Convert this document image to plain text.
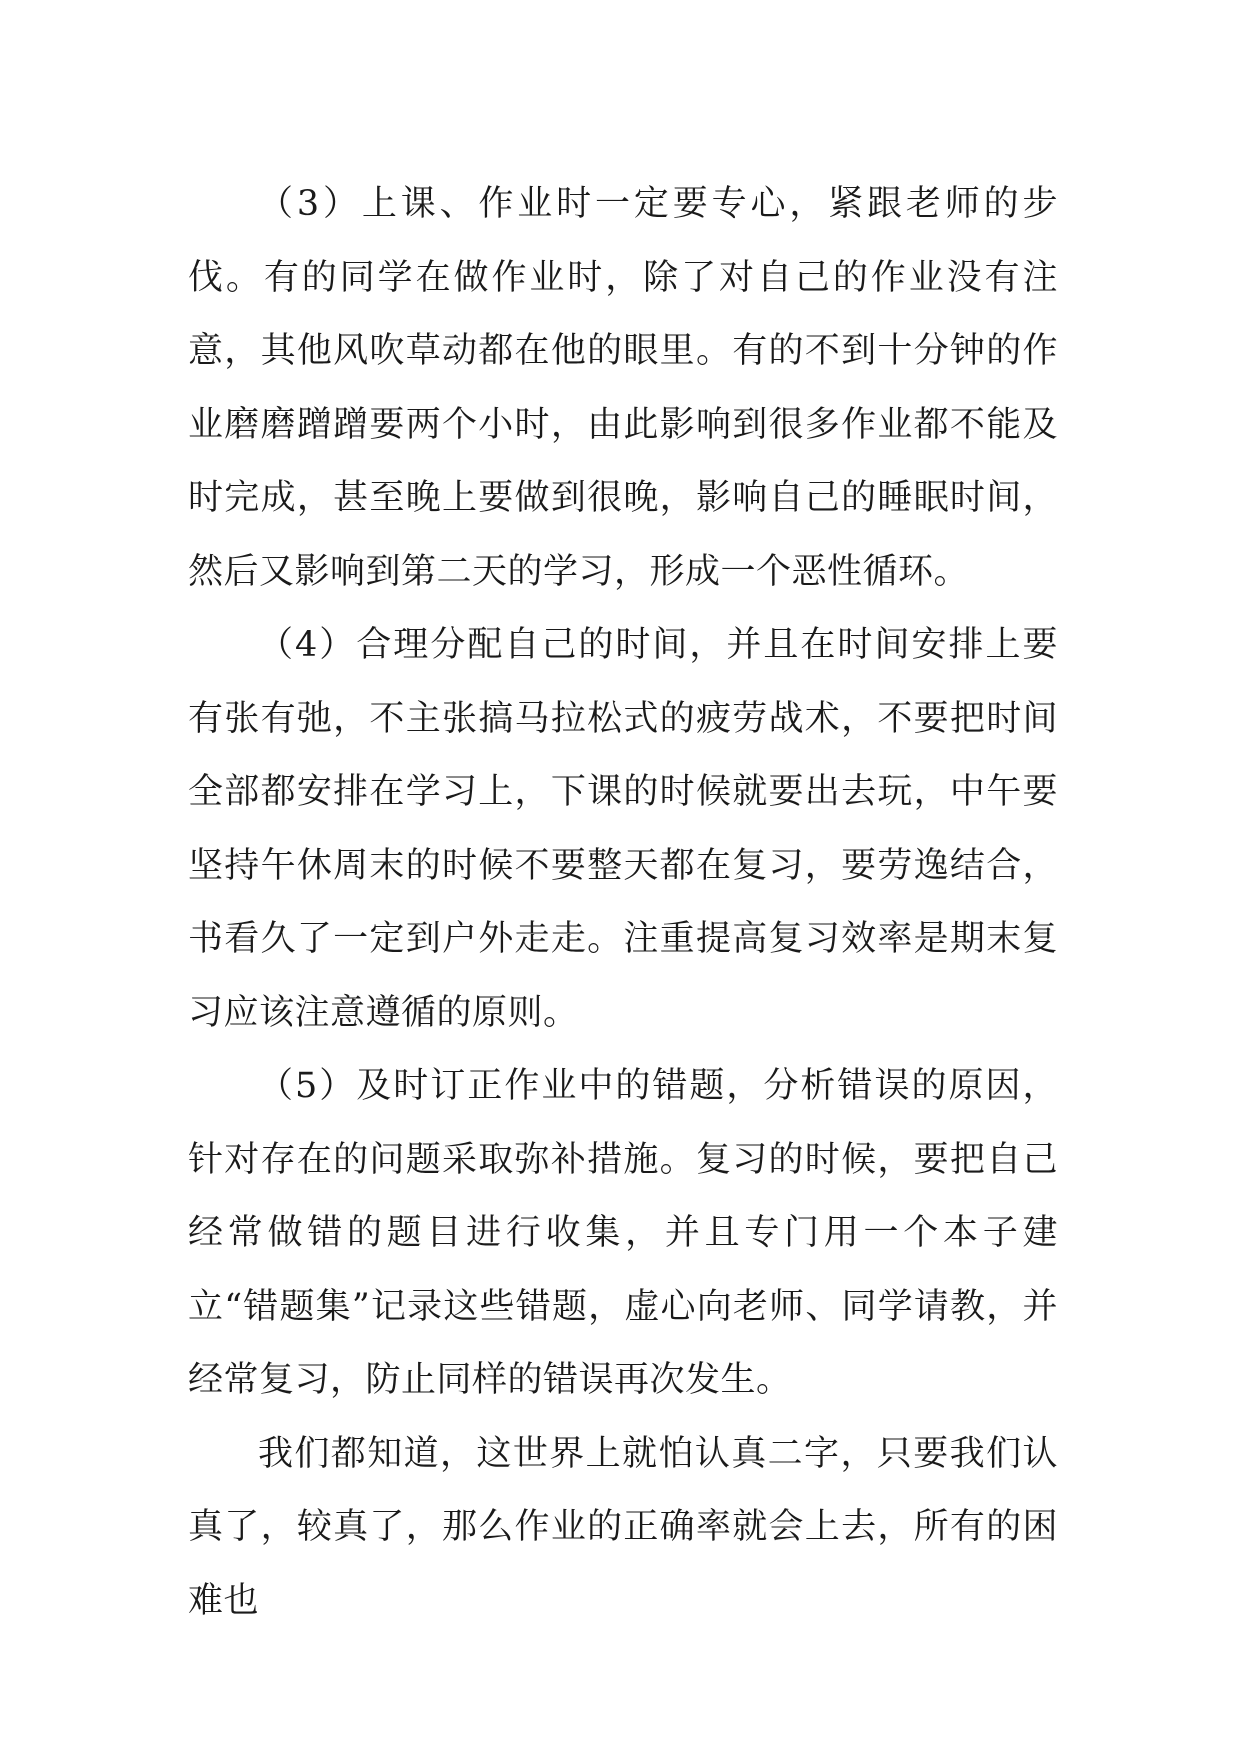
（3）上课、作业时一定要专心，紧跟老师的步伐。有的同学在做作业时，除了对自己的作业没有注意，其他风吹草动都在他的眼里。有的不到十分钟的作业磨磨蹭蹭要两个小时，由此影响到很多作业都不能及时完成，甚至晚上要做到很晚，影响自己的睡眠时间，然后又影响到第二天的学习，形成一个恶性循环。

（4）合理分配自己的时间，并且在时间安排上要有张有弛，不主张搞马拉松式的疲劳战术，不要把时间全部都安排在学习上，下课的时候就要出去玩，中午要坚持午休周末的时候不要整天都在复习，要劳逸结合，书看久了一定到户外走走。注重提高复习效率是期末复习应该注意遵循的原则。

（5）及时订正作业中的错题，分析错误的原因，针对存在的问题采取弥补措施。复习的时候，要把自己经常做错的题目进行收集，并且专门用一个本子建立“错题集”记录这些错题，虚心向老师、同学请教，并经常复习，防止同样的错误再次发生。

我们都知道，这世界上就怕认真二字，只要我们认真了，较真了，那么作业的正确率就会上去，所有的困难也
